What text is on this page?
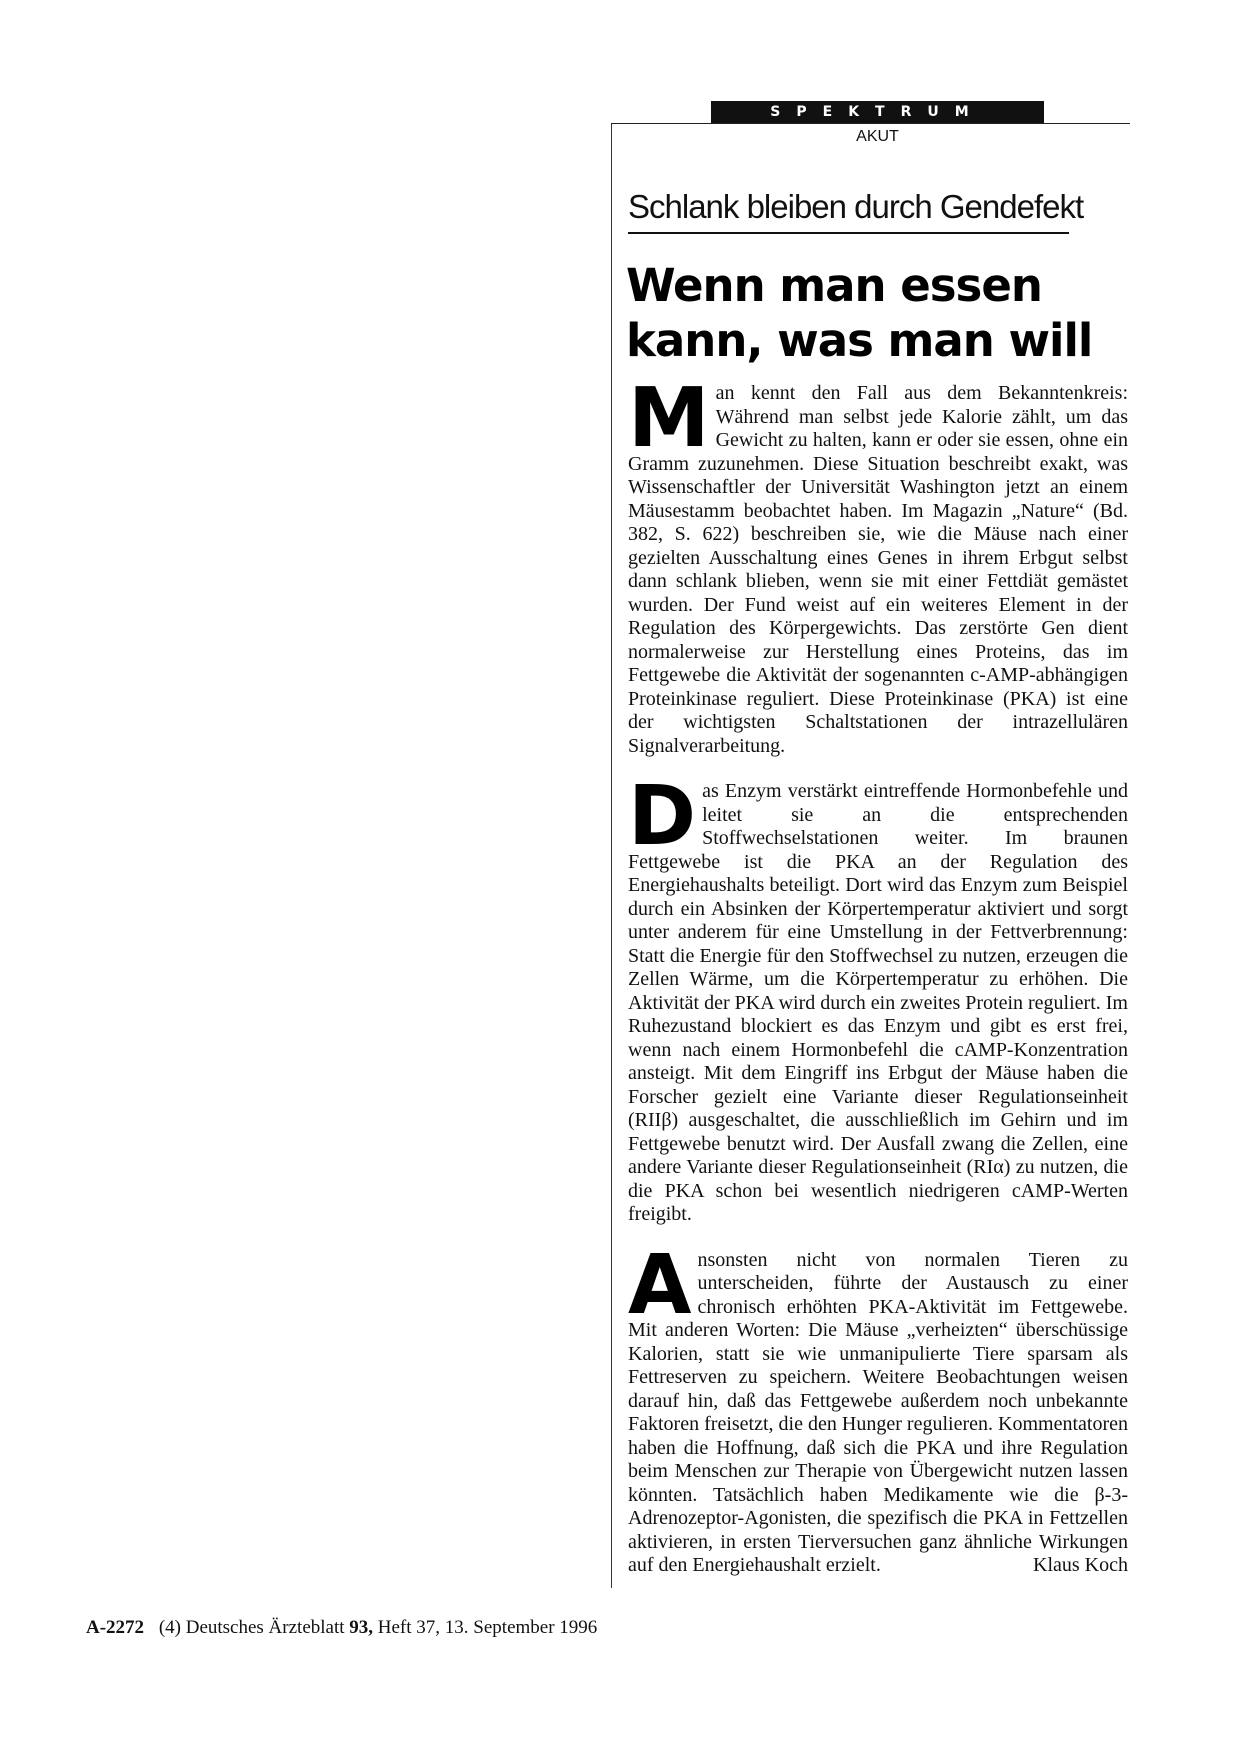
SPEKTRUM
AKUT
Schlank bleiben durch Gendefekt
Wenn man essen kann, was man will

Man kennt den Fall aus dem Bekanntenkreis: Während man selbst jede Kalorie zählt, um das Gewicht zu halten, kann er oder sie essen, ohne ein Gramm zuzunehmen. Diese Situation beschreibt exakt, was Wissenschaftler der Universität Washington jetzt an einem Mäusestamm beobachtet haben. Im Magazin „Nature“ (Bd. 382, S. 622) beschreiben sie, wie die Mäuse nach einer gezielten Ausschaltung eines Genes in ihrem Erbgut selbst dann schlank blieben, wenn sie mit einer Fettdiät gemästet wurden. Der Fund weist auf ein weiteres Element in der Regulation des Körpergewichts. Das zerstörte Gen dient normalerweise zur Herstellung eines Proteins, das im Fettgewebe die Aktivität der sogenannten c-AMP-abhängigen Proteinkinase reguliert. Diese Proteinkinase (PKA) ist eine der wichtigsten Schaltstationen der intrazellulären Signalverarbeitung.

Das Enzym verstärkt eintreffende Hormonbefehle und leitet sie an die entsprechenden Stoffwechselstationen weiter. Im braunen Fettgewebe ist die PKA an der Regulation des Energiehaushalts beteiligt. Dort wird das Enzym zum Beispiel durch ein Absinken der Körpertemperatur aktiviert und sorgt unter anderem für eine Umstellung in der Fettverbrennung: Statt die Energie für den Stoffwechsel zu nutzen, erzeugen die Zellen Wärme, um die Körpertemperatur zu erhöhen. Die Aktivität der PKA wird durch ein zweites Protein reguliert. Im Ruhezustand blockiert es das Enzym und gibt es erst frei, wenn nach einem Hormonbefehl die cAMP-Konzentration ansteigt. Mit dem Eingriff ins Erbgut der Mäuse haben die Forscher gezielt eine Variante dieser Regulationseinheit (RIIβ) ausgeschaltet, die ausschließlich im Gehirn und im Fettgewebe benutzt wird. Der Ausfall zwang die Zellen, eine andere Variante dieser Regulationseinheit (RIα) zu nutzen, die die PKA schon bei wesentlich niedrigeren cAMP-Werten freigibt.

Ansonsten nicht von normalen Tieren zu unterscheiden, führte der Austausch zu einer chronisch erhöhten PKA-Aktivität im Fettgewebe. Mit anderen Worten: Die Mäuse „verheizten“ überschüssige Kalorien, statt sie wie unmanipulierte Tiere sparsam als Fettreserven zu speichern. Weitere Beobachtungen weisen darauf hin, daß das Fettgewebe außerdem noch unbekannte Faktoren freisetzt, die den Hunger regulieren. Kommentatoren haben die Hoffnung, daß sich die PKA und ihre Regulation beim Menschen zur Therapie von Übergewicht nutzen lassen könnten. Tatsächlich haben Medikamente wie die β-3-Adrenozeptor-Agonisten, die spezifisch die PKA in Fettzellen aktivieren, in ersten Tierversuchen ganz ähnliche Wirkungen auf den Energiehaushalt erzielt.	Klaus Koch

A-2272 (4) Deutsches Ärzteblatt 93, Heft 37, 13. September 1996
